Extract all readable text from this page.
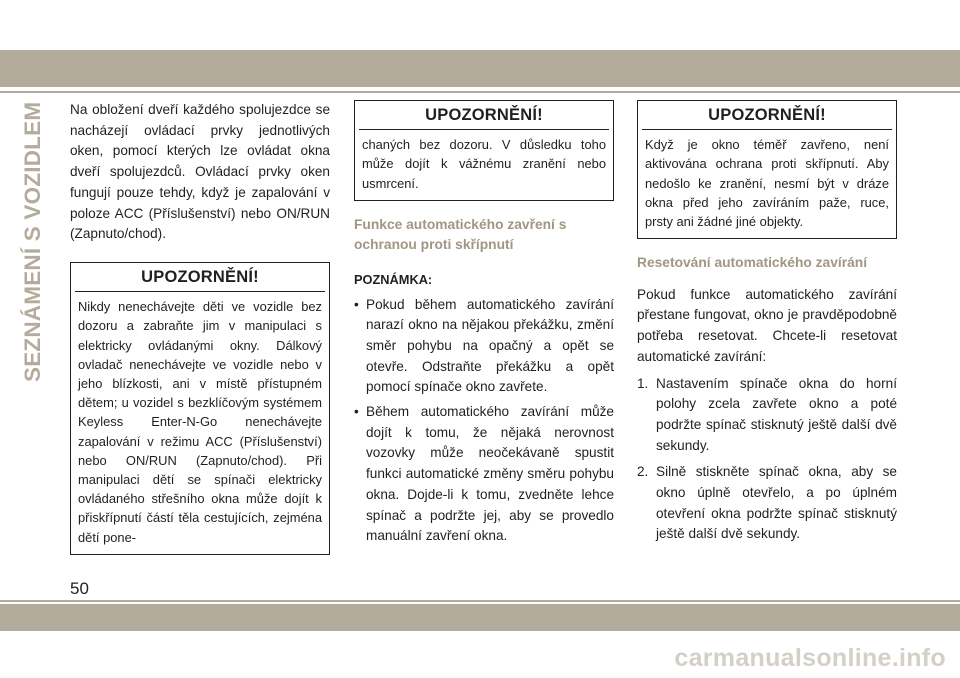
SEZNÁMENÍ S VOZIDLEM Na obložení dveří každého spolujezdce se nacházejí ovládací prvky jednotlivých oken, pomocí kterých lze ovládat okna dveří spolujezdců. Ovládací prvky oken fungují pouze tehdy, když je zapalování v poloze ACC (Příslušenství) nebo ON/RUN (Zapnuto/chod).

UPOZORNĚNÍ!
Nikdy nenechávejte děti ve vozidle bez dozoru a zabraňte jim v manipulaci s elektricky ovládanými okny. Dálkový ovladač nenechávejte ve vozidle nebo v jeho blízkosti, ani v místě přístupném dětem; u vozidel s bezklíčovým systémem Keyless Enter-N-Go nenechávejte zapalování v režimu ACC (Příslušenství) nebo ON/RUN (Zapnuto/chod). Při manipulaci dětí se spínači elektricky ovládaného střešního okna může dojít k přiskřípnutí částí těla cestujících, zejména dětí pone-
UPOZORNĚNÍ!
chaných bez dozoru. V důsledku toho může dojít k vážnému zranění nebo usmrcení.
Funkce automatického zavření s ochranou proti skřípnutí
POZNÁMKA:
• Pokud během automatického zavírání narazí okno na nějakou překážku, změní směr pohybu na opačný a opět se otevře. Odstraňte překážku a opět pomocí spínače okno zavřete.
• Během automatického zavírání může dojít k tomu, že nějaká nerovnost vozovky může neočekávaně spustit funkci automatické změny směru pohybu okna. Dojde-li k tomu, zvedněte lehce spínač a podržte jej, aby se provedlo manuální zavření okna.
UPOZORNĚNÍ!
Když je okno téměř zavřeno, není aktivována ochrana proti skřípnutí. Aby nedošlo ke zranění, nesmí být v dráze okna před jeho zavíráním paže, ruce, prsty ani žádné jiné objekty.
Resetování automatického zavírání

Pokud funkce automatického zavírání přestane fungovat, okno je pravděpodobně potřeba resetovat. Chcete-li resetovat automatické zavírání:

1. Nastavením spínače okna do horní polohy zcela zavřete okno a poté podržte spínač stisknutý ještě další dvě sekundy.
2. Silně stiskněte spínač okna, aby se okno úplně otevřelo, a po úplném otevření okna podržte spínač stisknutý ještě další dvě sekundy.
50
carmanualsonline.info
